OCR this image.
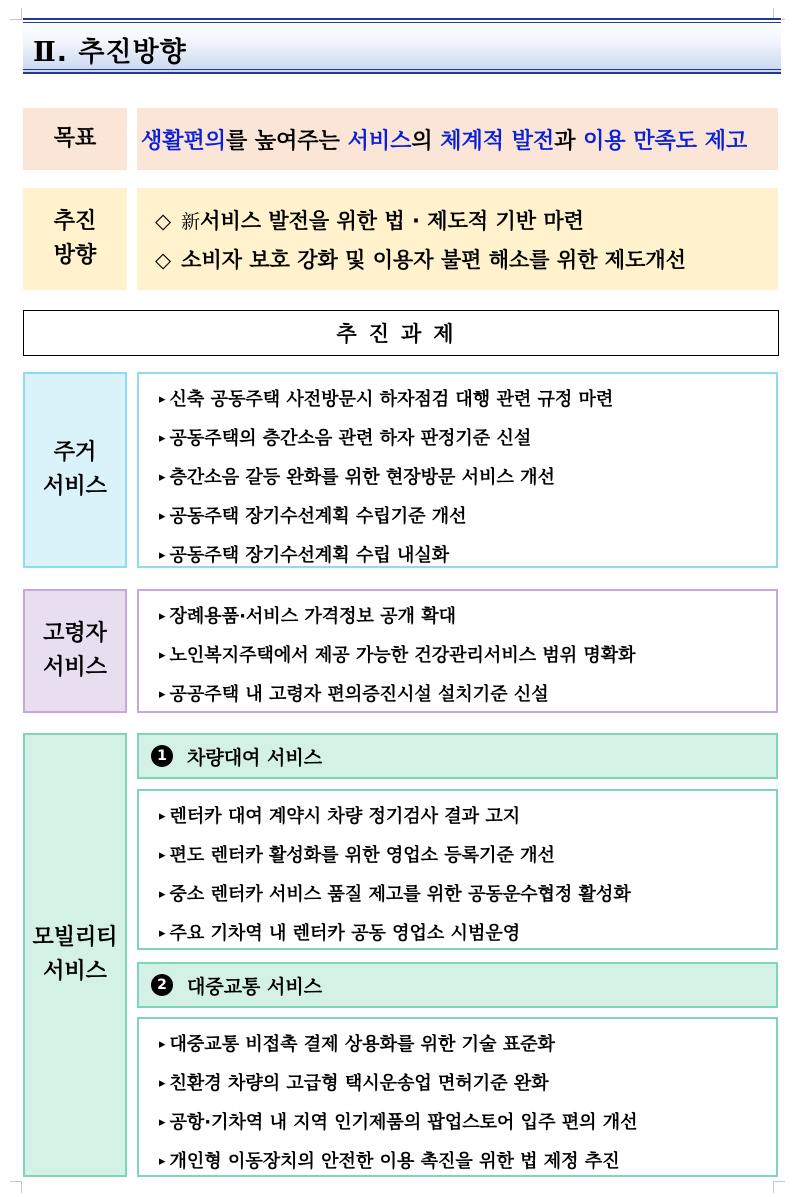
Ⅱ. 추진방향
목표	생활편의 를 높여주는 서비스 의 체계적 발전 과 이용 만족도 제고
추진
방향
◇ 新서비스 발전을 위한 법 · 제도적 기반 마련
◇ 소비자 보호 강화 및 이용자 불편 해소를 위한 제도개선
추진과제
주거
서비스
▸ 신축 공동주택 사전방문시 하자점검 대행 관련 규정 마련
▸ 공동주택의 층간소음 관련 하자 판정기준 신설
▸ 층간소음 갈등 완화를 위한 현장방문 서비스 개선
▸ 공동주택 장기수선계획 수립기준 개선
▸ 공동주택 장기수선계획 수립 내실화
고령자
서비스
▸ 장례용품·서비스 가격정보 공개 확대
▸ 노인복지주택에서 제공 가능한 건강관리서비스 범위 명확화
▸ 공공주택 내 고령자 편의증진시설 설치기준 신설
모빌리티
서비스
1	차량대여 서비스
▸ 렌터카 대여 계약시 차량 정기검사 결과 고지
▸ 편도 렌터카 활성화를 위한 영업소 등록기준 개선
▸ 중소 렌터카 서비스 품질 제고를 위한 공동운수협정 활성화
▸ 주요 기차역 내 렌터카 공동 영업소 시범운영
2	대중교통 서비스
▸ 대중교통 비접촉 결제 상용화를 위한 기술 표준화
▸ 친환경 차량의 고급형 택시운송업 면허기준 완화
▸ 공항·기차역 내 지역 인기제품의 팝업스토어 입주 편의 개선
▸ 개인형 이동장치의 안전한 이용 촉진을 위한 법 제정 추진
